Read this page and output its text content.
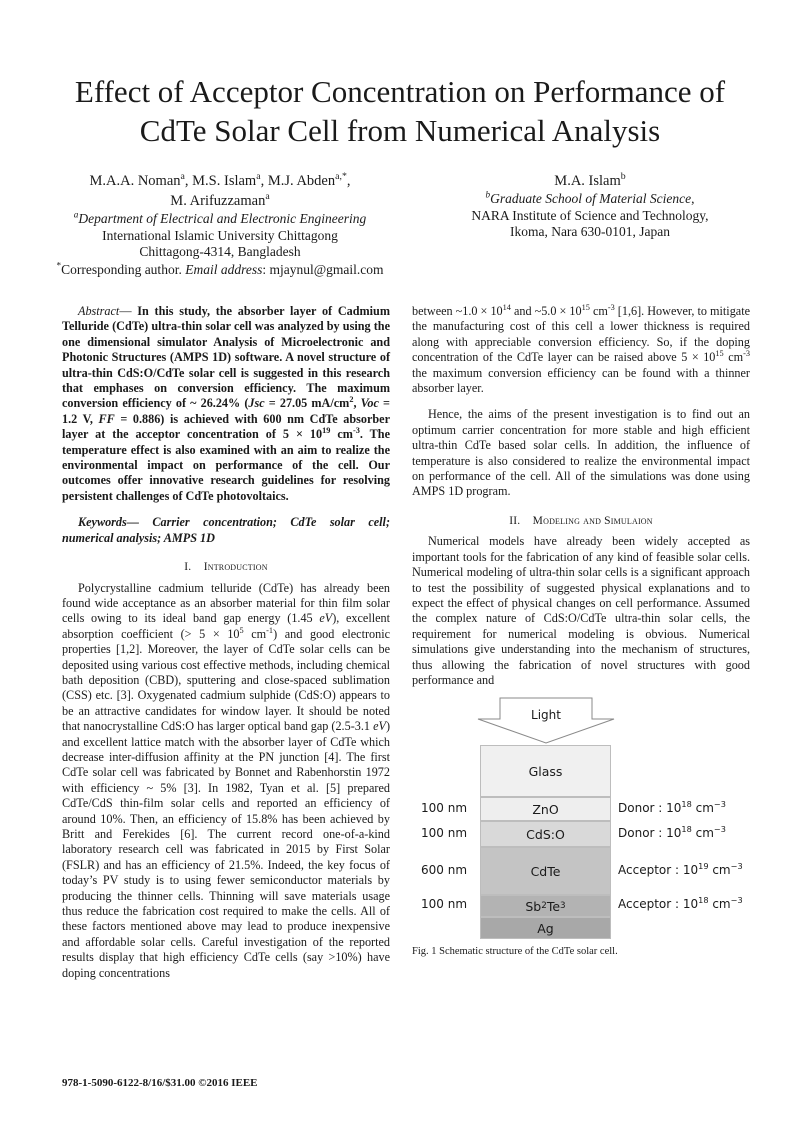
Effect of Acceptor Concentration on Performance of
CdTe Solar Cell from Numerical Analysis
M.A.A. Noman$^a$, M.S. Islam$^a$, M.J. Abden$^{a,*}$,
M. Arifuzzaman$^a$
$^a$Department of Electrical and Electronic Engineering
International Islamic University Chittagong
Chittagong-4314, Bangladesh
*Corresponding author. Email address: mjaynul@gmail.com
M.A. Islam$^b$
$^b$Graduate School of Material Science,
NARA Institute of Science and Technology,
Ikoma, Nara 630-0101, Japan

Abstract— In this study, the absorber layer of Cadmium Telluride (CdTe) ultra-thin solar cell was analyzed by using the one dimensional simulator Analysis of Microelectronic and Photonic Structures (AMPS 1D) software. A novel structure of ultra-thin CdS:O/CdTe solar cell is suggested in this research that emphases on conversion efficiency. The maximum conversion efficiency of ~ 26.24% (Jsc = 27.05 $mA/cm^2$, Voc = 1.2 V, FF = 0.886) is achieved with 600 nm CdTe absorber layer at the acceptor concentration of $5 \times 10^{19}$ $cm^{-3}$. The temperature effect is also examined with an aim to realize the environmental impact on performance of the cell. Our outcomes offer innovative research guidelines for resolving persistent challenges of CdTe photovoltaics.

Keywords— Carrier concentration; CdTe solar cell; numerical analysis; AMPS 1D

I. Introduction

Polycrystalline cadmium telluride (CdTe) has already been found wide acceptance as an absorber material for thin film solar cells owing to its ideal band gap energy (1.45 eV), excellent absorption coefficient (> $5 \times 10^5$ $cm^{-1}$) and good electronic properties [1,2]. Moreover, the layer of CdTe solar cells can be deposited using various cost effective methods, including chemical bath deposition (CBD), sputtering and close-spaced sublimation (CSS) etc. [3]. Oxygenated cadmium sulphide (CdS:O) appears to be an attractive candidates for window layer. It should be noted that nanocrystalline CdS:O has larger optical band gap (2.5-3.1 eV) and excellent lattice match with the absorber layer of CdTe which decrease inter-diffusion affinity at the PN junction [4]. The first CdTe solar cell was fabricated by Bonnet and Rabenhorstin 1972 with efficiency ~ 5% [3]. In 1982, Tyan et al. [5] prepared CdTe/CdS thin-film solar cells and reported an efficiency of around 10%. Then, an efficiency of 15.8% has been achieved by Britt and Ferekides [6]. The current record one-of-a-kind laboratory research cell was fabricated in 2015 by First Solar (FSLR) and has an efficiency of 21.5%. Indeed, the key focus of today’s PV study is to using fewer semiconductor materials by producing the thinner cells. Thinning will save materials usage thus reduce the fabrication cost required to make the cells. All of these factors mentioned above may lead to produce inexpensive and affordable solar cells. Careful investigation of the reported results display that high efficiency CdTe cells (say >10%) have doping concentrations

between ~1.0 × $10^{14}$ and ~5.0 × $10^{15}$ $cm^{-3}$ [1,6]. However, to mitigate the manufacturing cost of this cell a lower thickness is required along with appreciable conversion efficiency. So, if the doping concentration of the CdTe layer can be raised above $5 \times 10^{15}$ $cm^{-3}$ the maximum conversion efficiency can be found with a thinner absorber layer.

Hence, the aims of the present investigation is to find out an optimum carrier concentration for more stable and high efficient ultra-thin CdTe based solar cells. In addition, the influence of temperature is also considered to realize the environmental impact on performance of the cell. All of the simulations was done using AMPS 1D program.

II. Modeling and Simulaion

Numerical models have already been widely accepted as important tools for the fabrication of any kind of feasible solar cells. Numerical modeling of ultra-thin solar cells is a significant approach to test the possibility of suggested physical explanations and to expect the effect of physical changes on cell performance. Assumed the complex nature of CdS:O/CdTe ultra-thin solar cells, the requirement for numerical modeling is obvious. Numerical simulations give understanding into the mechanism of structures, thus allowing the fabrication of novel structures with good performance and

Light
Glass
ZnO
CdS:O
CdTe
Sb 2 Te 3
Ag
100 nm
100 nm
600 nm
100 nm
Donor : $10^{18}$ $cm^{-3}$
Donor : $10^{18}$ $cm^{-3}$
Acceptor : $10^{19}$ $cm^{-3}$
Acceptor : $10^{18}$ $cm^{-3}$
Fig. 1 Schematic structure of the CdTe solar cell.
978-1-5090-6122-8/16/$31.00 ©2016 IEEE
